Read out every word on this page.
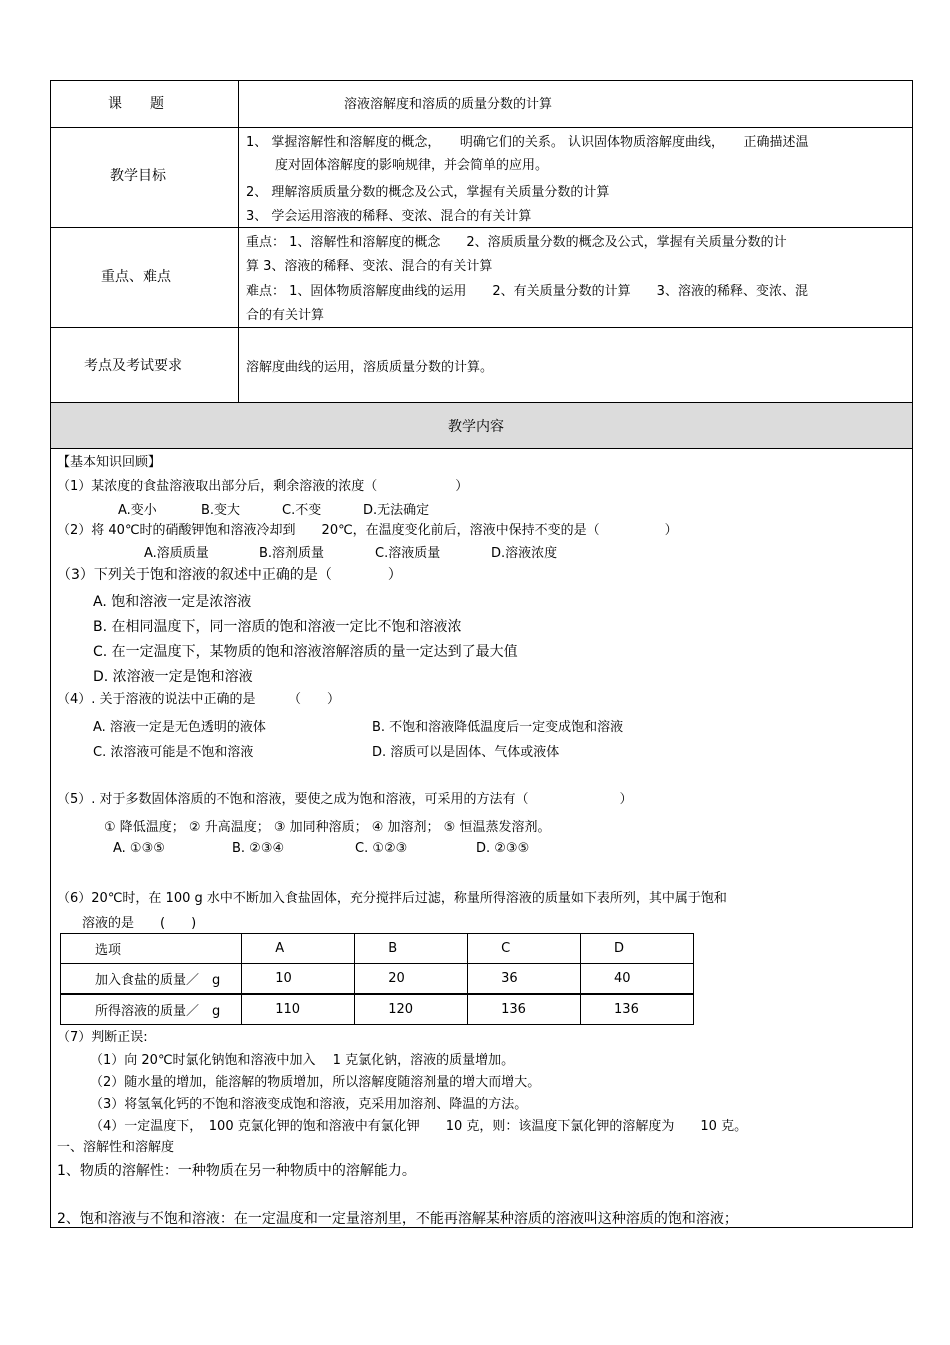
课　　题	溶液溶解度和溶质的质量分数的计算
教学目标
1、 掌握溶解性和溶解度的概念，　　明确它们的关系。 认识固体物质溶解度曲线，　　正确描述温
度对固体溶解度的影响规律，并会简单的应用。
2、 理解溶质质量分数的概念及公式，掌握有关质量分数的计算
3、 学会运用溶液的稀释、变浓、混合的有关计算
重点、难点
重点： 1、溶解性和溶解度的概念　　2、溶质质量分数的概念及公式，掌握有关质量分数的计
算 3、溶液的稀释、变浓、混合的有关计算
难点： 1、固体物质溶解度曲线的运用　　2、有关质量分数的计算　　3、溶液的稀释、变浓、混
合的有关计算
考点及考试要求	溶解度曲线的运用，溶质质量分数的计算。
教学内容
【基本知识回顾】
（1）某浓度的食盐溶液取出部分后，剩余溶液的浓度（　　　　　　）
A.变小	B.变大	C.不变	D.无法确定
（2）将 40℃时的硝酸钾饱和溶液冷却到　　20℃，在温度变化前后，溶液中保持不变的是（　　　　　）
A.溶质质量	B.溶剂质量	C.溶液质量	D.溶液浓度
（3）下列关于饱和溶液的叙述中正确的是（　　　　）
A. 饱和溶液一定是浓溶液
B. 在相同温度下，同一溶质的饱和溶液一定比不饱和溶液浓
C. 在一定温度下，某物质的饱和溶液溶解溶质的量一定达到了最大值
D. 浓溶液一定是饱和溶液
（4）. 关于溶液的说法中正确的是　　　（　　）
A. 溶液一定是无色透明的液体	B. 不饱和溶液降低温度后一定变成饱和溶液
C. 浓溶液可能是不饱和溶液	D. 溶质可以是固体、气体或液体
（5）. 对于多数固体溶质的不饱和溶液，要使之成为饱和溶液，可采用的方法有（　　　　　　　）
① 降低温度； ② 升高温度； ③ 加同种溶质； ④ 加溶剂； ⑤ 恒温蒸发溶剂。
A. ①③⑤	B. ②③④	C. ①②③	D. ②③⑤
（6）20℃时，在 100 g 水中不断加入食盐固体，充分搅拌后过滤，称量所得溶液的质量如下表所列，其中属于饱和
溶液的是　　(　　)
选项	A	B	C	D
加入食盐的质量／　g	10	20	36	40
所得溶液的质量／　g	110	120	136	136
（7）判断正误:
（1）向 20℃时氯化钠饱和溶液中加入　 1 克氯化钠，溶液的质量增加。
（2）随水量的增加，能溶解的物质增加，所以溶解度随溶剂量的增大而增大。
（3）将氢氧化钙的不饱和溶液变成饱和溶液，克采用加溶剂、降温的方法。
（4）一定温度下，　100 克氯化钾的饱和溶液中有氯化钾　　10 克，则：该温度下氯化钾的溶解度为　　10 克。
一、溶解性和溶解度
1、物质的溶解性：一种物质在另一种物质中的溶解能力。
2、饱和溶液与不饱和溶液：在一定温度和一定量溶剂里，不能再溶解某种溶质的溶液叫这种溶质的饱和溶液；
